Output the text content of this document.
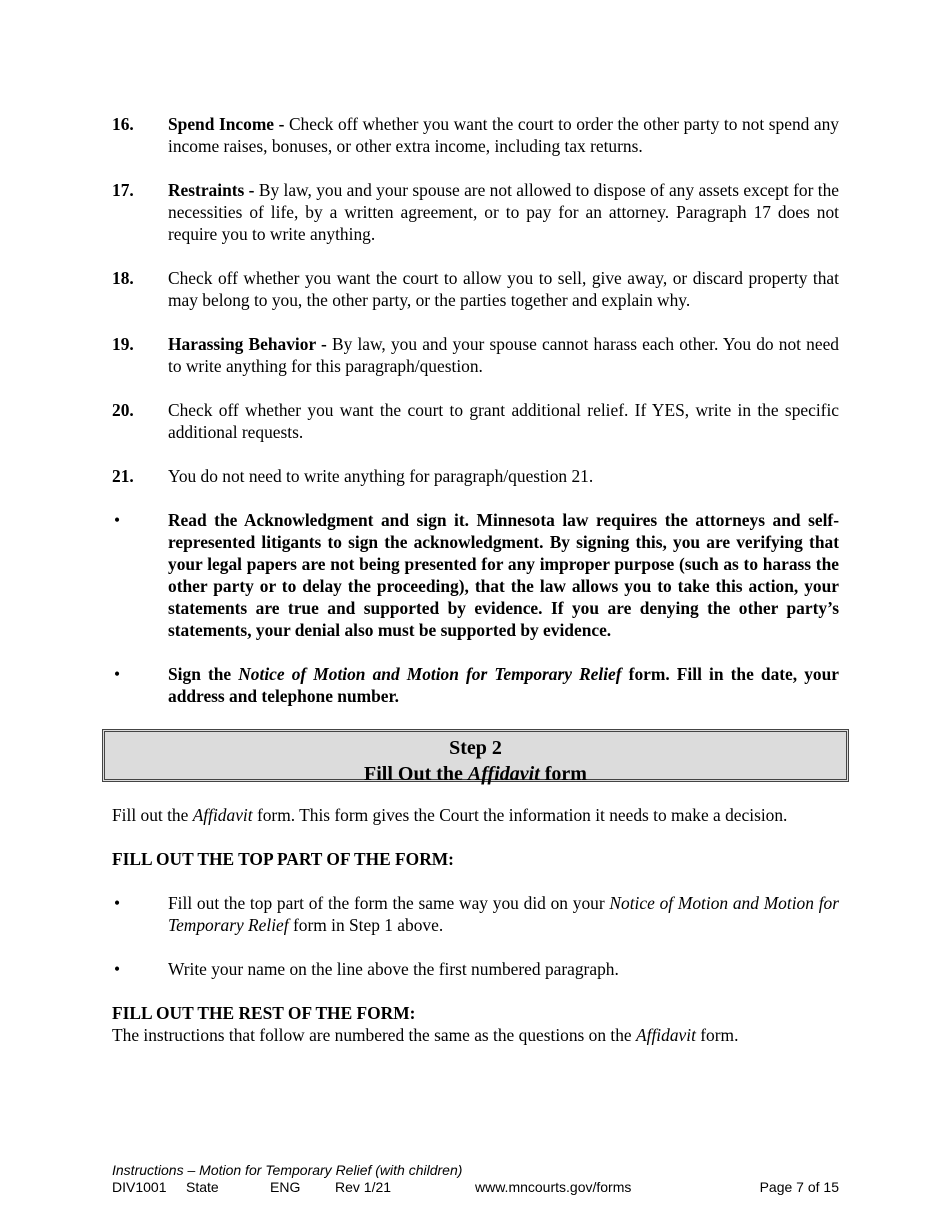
16.	Spend Income - Check off whether you want the court to order the other party to not spend any income raises, bonuses, or other extra income, including tax returns.
17.	Restraints - By law, you and your spouse are not allowed to dispose of any assets except for the necessities of life, by a written agreement, or to pay for an attorney. Paragraph 17 does not require you to write anything.
18.	Check off whether you want the court to allow you to sell, give away, or discard property that may belong to you, the other party, or the parties together and explain why.
19.	Harassing Behavior - By law, you and your spouse cannot harass each other. You do not need to write anything for this paragraph/question.
20.	Check off whether you want the court to grant additional relief. If YES, write in the specific additional requests.
21.	You do not need to write anything for paragraph/question 21.
•	Read the Acknowledgment and sign it. Minnesota law requires the attorneys and self-represented litigants to sign the acknowledgment. By signing this, you are verifying that your legal papers are not being presented for any improper purpose (such as to harass the other party or to delay the proceeding), that the law allows you to take this action, your statements are true and supported by evidence. If you are denying the other party’s statements, your denial also must be supported by evidence.
•	Sign the Notice of Motion and Motion for Temporary Relief form. Fill in the date, your address and telephone number.
Step 2
Fill Out the Affidavit form
Fill out the Affidavit form. This form gives the Court the information it needs to make a decision.
FILL OUT THE TOP PART OF THE FORM:
•	Fill out the top part of the form the same way you did on your Notice of Motion and Motion for Temporary Relief form in Step 1 above.
•	Write your name on the line above the first numbered paragraph.
FILL OUT THE REST OF THE FORM:
The instructions that follow are numbered the same as the questions on the Affidavit form.
Instructions – Motion for Temporary Relief (with children)
DIV1001 State	ENG Rev 1/21	www.mncourts.gov/forms	Page 7 of 15
